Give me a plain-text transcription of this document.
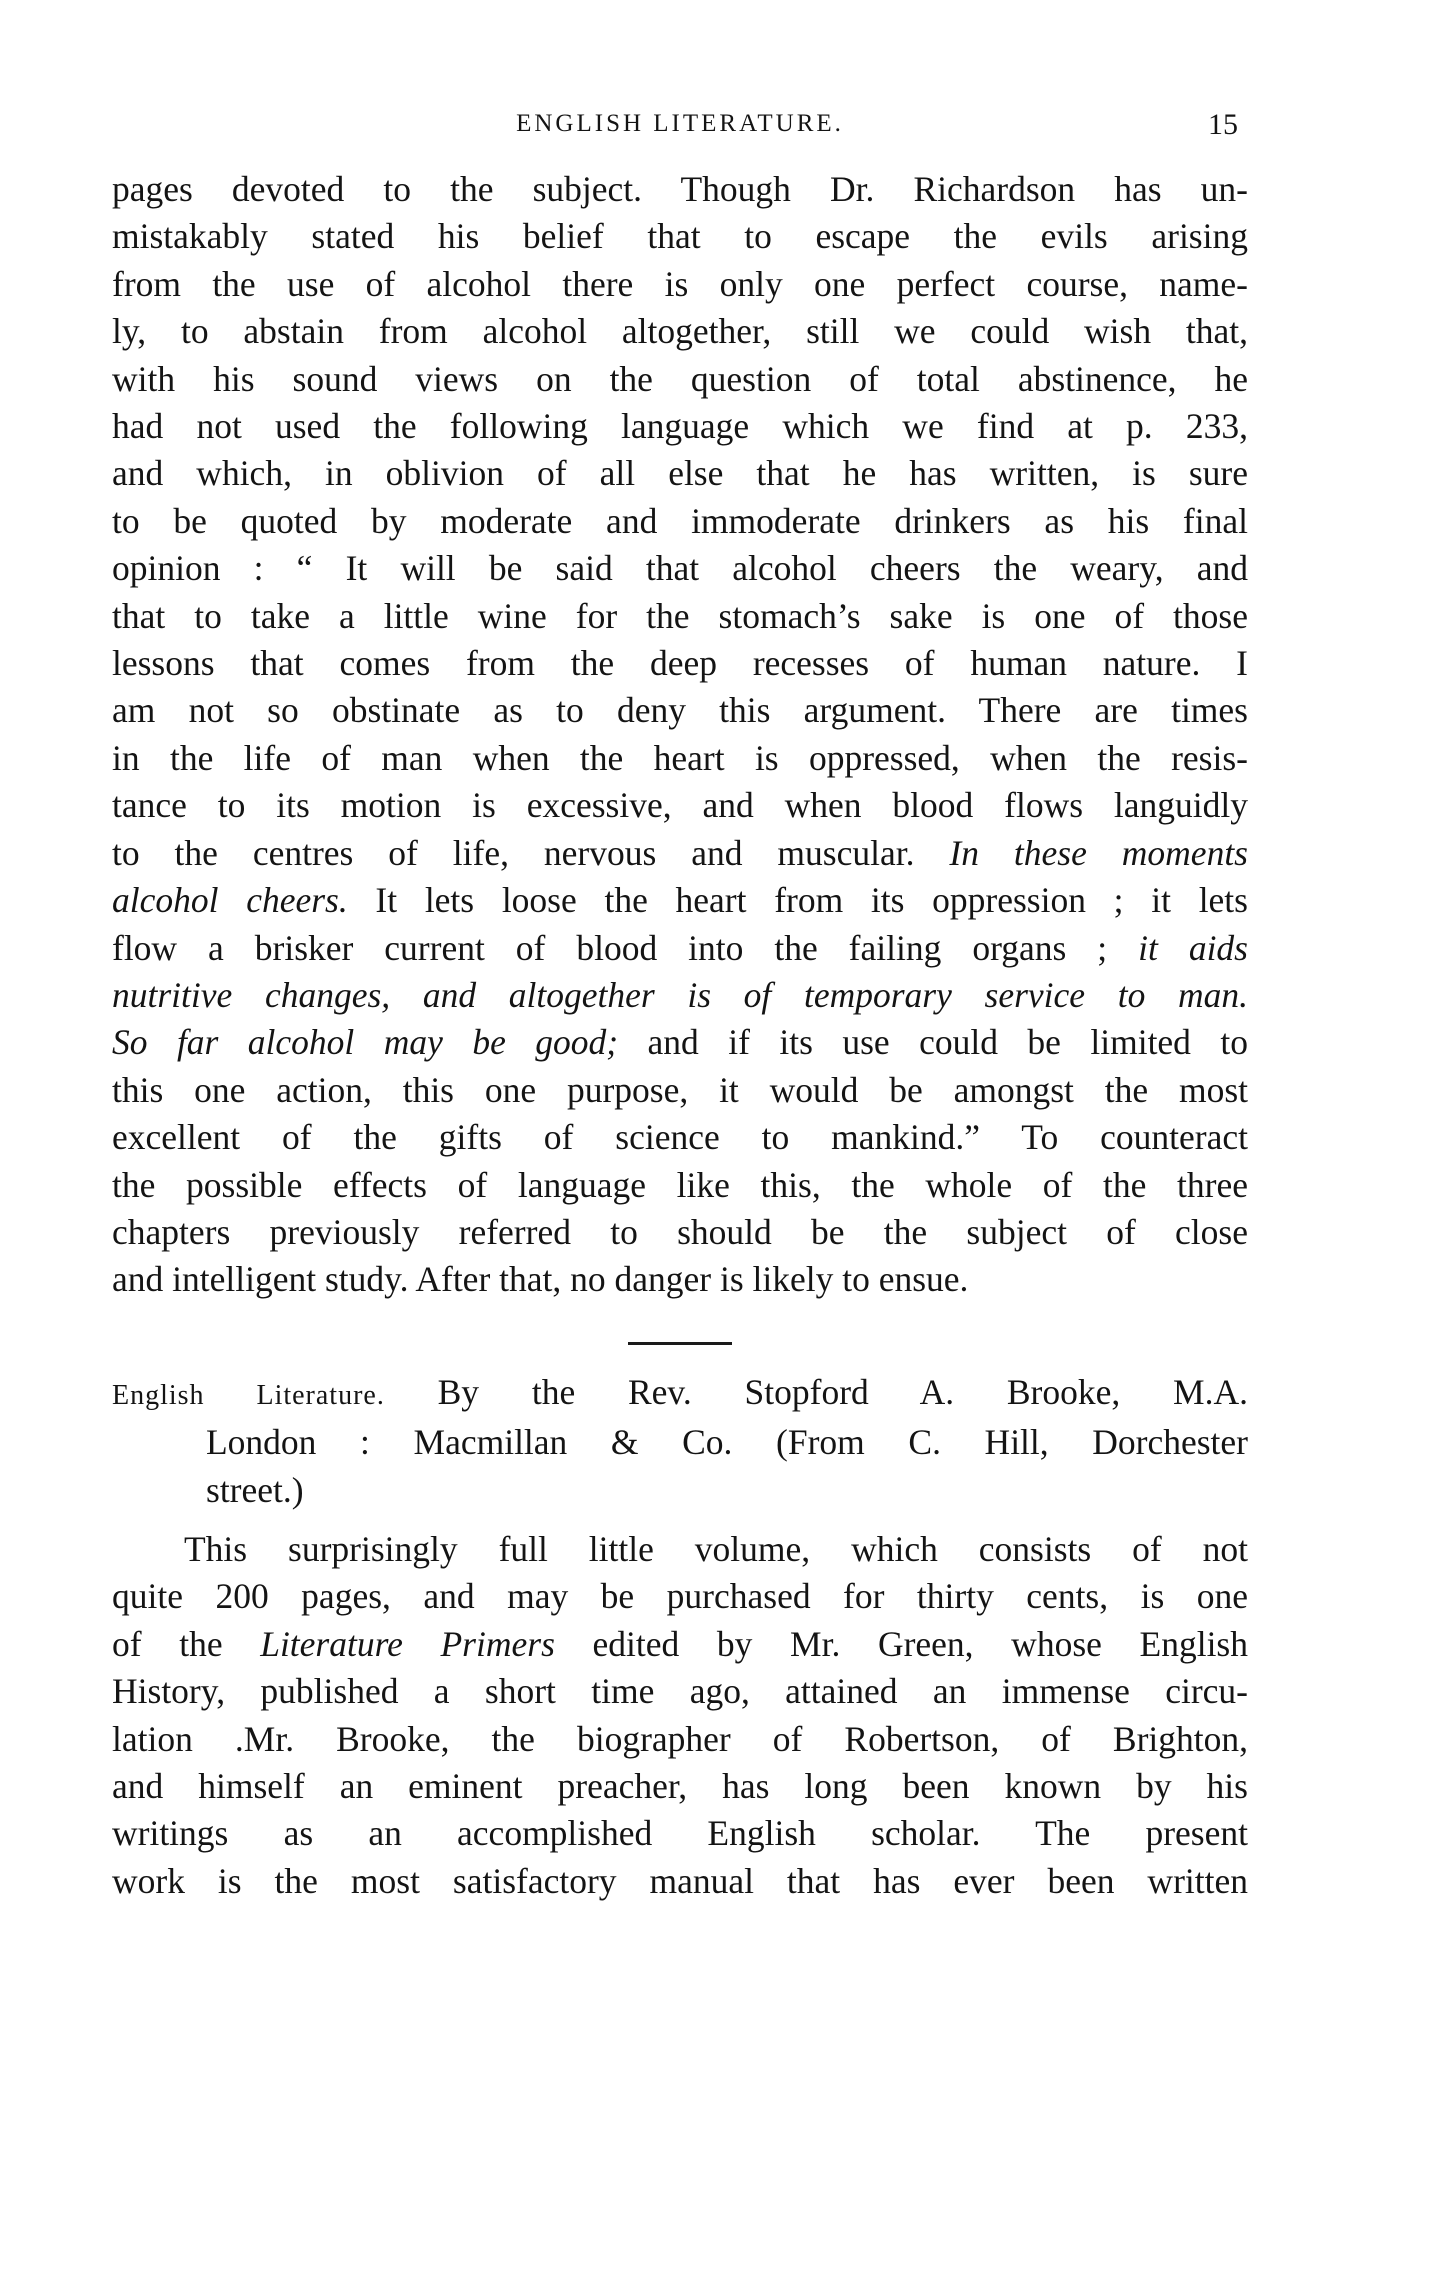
ENGLISH LITERATURE.	15
pages devoted to the subject. Though Dr. Richardson has un-
mistakably stated his belief that to escape the evils arising
from the use of alcohol there is only one perfect course, name-
ly, to abstain from alcohol altogether, still we could wish that,
with his sound views on the question of total abstinence, he
had not used the following language which we find at p. 233,
and which, in oblivion of all else that he has written, is sure
to be quoted by moderate and immoderate drinkers as his final
opinion : “ It will be said that alcohol cheers the weary, and
that to take a little wine for the stomach’s sake is one of those
lessons that comes from the deep recesses of human nature. I
am not so obstinate as to deny this argument. There are times
in the life of man when the heart is oppressed, when the resis-
tance to its motion is excessive, and when blood flows languidly
to the centres of life, nervous and muscular. In these moments
alcohol cheers. It lets loose the heart from its oppression ; it lets
flow a brisker current of blood into the failing organs ; it aids
nutritive changes, and altogether is of temporary service to man.
So far alcohol may be good; and if its use could be limited to
this one action, this one purpose, it would be amongst the most
excellent of the gifts of science to mankind.” To counteract
the possible effects of language like this, the whole of the three
chapters previously referred to should be the subject of close
and intelligent study. After that, no danger is likely to ensue.
English Literature. By the Rev. Stopford A. Brooke, M.A.
London : Macmillan & Co. (From C. Hill, Dorchester
street.)
This surprisingly full little volume, which consists of not
quite 200 pages, and may be purchased for thirty cents, is one
of the Literature Primers edited by Mr. Green, whose English
History, published a short time ago, attained an immense circu-
lation .Mr. Brooke, the biographer of Robertson, of Brighton,
and himself an eminent preacher, has long been known by his
writings as an accomplished English scholar. The present
work is the most satisfactory manual that has ever been written
